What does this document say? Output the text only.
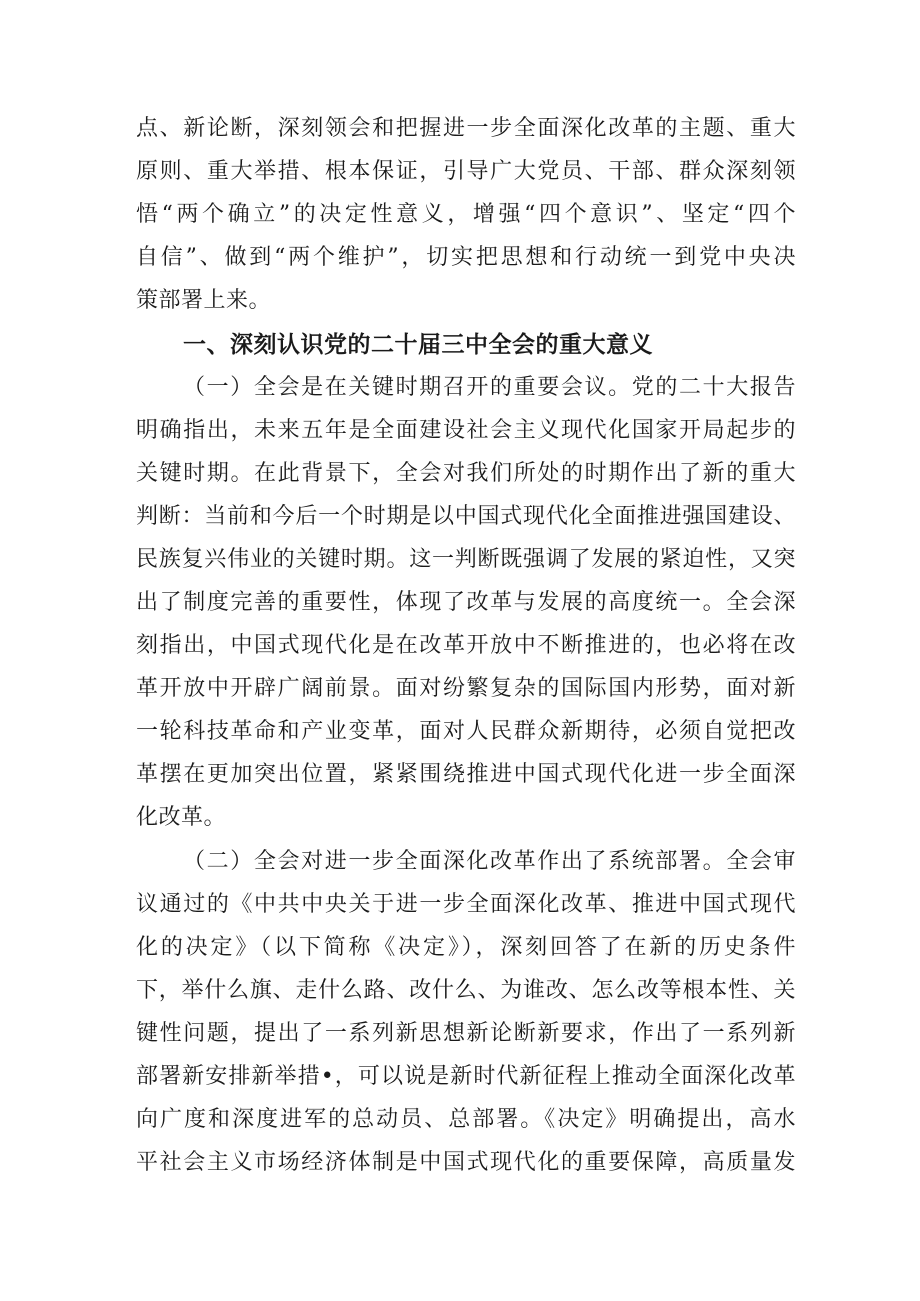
点、新论断，深刻领会和把握进一步全面深化改革的主题、重大
原则、重大举措、根本保证，引导广大党员、干部、群众深刻领
悟“两个确立”的决定性意义，增强“四个意识”、坚定“四个
自信”、做到“两个维护”，切实把思想和行动统一到党中央决
策部署上来。
一、深刻认识党的二十届三中全会的重大意义
（一）全会是在关键时期召开的重要会议。党的二十大报告
明确指出，未来五年是全面建设社会主义现代化国家开局起步的
关键时期。在此背景下，全会对我们所处的时期作出了新的重大
判断：当前和今后一个时期是以中国式现代化全面推进强国建设、
民族复兴伟业的关键时期。这一判断既强调了发展的紧迫性，又突
出了制度完善的重要性，体现了改革与发展的高度统一。全会深
刻指出，中国式现代化是在改革开放中不断推进的，也必将在改
革开放中开辟广阔前景。面对纷繁复杂的国际国内形势，面对新
一轮科技革命和产业变革，面对人民群众新期待，必须自觉把改
革摆在更加突出位置，紧紧围绕推进中国式现代化进一步全面深
化改革。
（二）全会对进一步全面深化改革作出了系统部署。全会审
议通过的《中共中央关于进一步全面深化改革、推进中国式现代
化的决定》（以下简称《决定》），深刻回答了在新的历史条件
下，举什么旗、走什么路、改什么、为谁改、怎么改等根本性、关
键性问题，提出了一系列新思想新论断新要求，作出了一系列新
部署新安排新举措•，可以说是新时代新征程上推动全面深化改革
向广度和深度进军的总动员、总部署。《决定》明确提出，高水
平社会主义市场经济体制是中国式现代化的重要保障，高质量发
